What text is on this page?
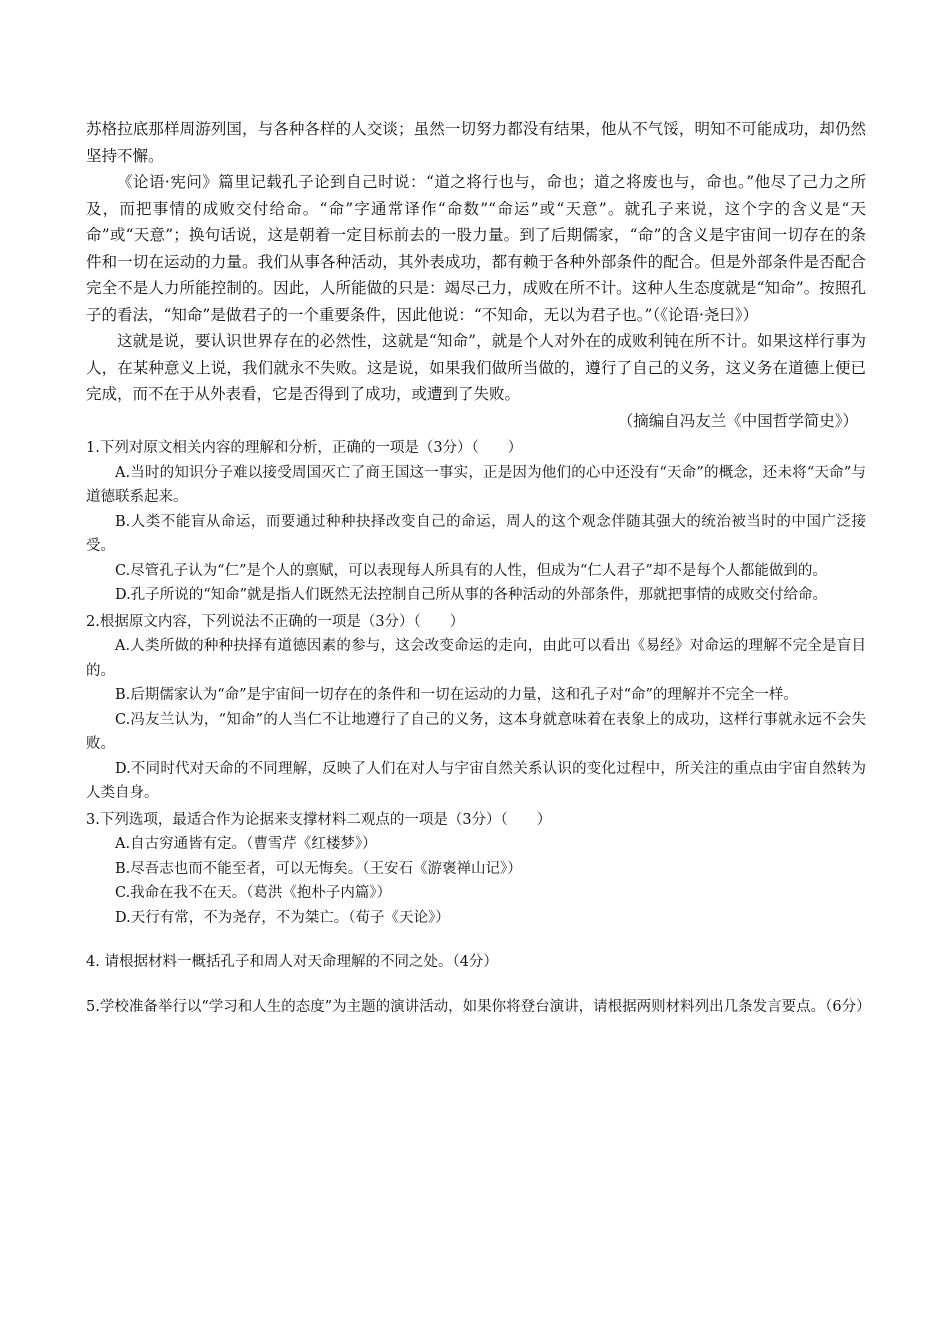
苏格拉底那样周游列国，与各种各样的人交谈；虽然一切努力都没有结果，他从不气馁，明知不可能成功，却仍然坚持不懈。

《论语·宪问》篇里记载孔子论到自己时说：“道之将行也与，命也；道之将废也与，命也。”他尽了己力之所及，而把事情的成败交付给命。“命”字通常译作“命数”“命运”或“天意”。就孔子来说，这个字的含义是“天命”或“天意”；换句话说，这是朝着一定目标前去的一股力量。到了后期儒家，“命”的含义是宇宙间一切存在的条件和一切在运动的力量。我们从事各种活动，其外表成功，都有赖于各种外部条件的配合。但是外部条件是否配合完全不是人力所能控制的。因此，人所能做的只是：竭尽己力，成败在所不计。这种人生态度就是“知命”。按照孔子的看法，“知命”是做君子的一个重要条件，因此他说：“不知命，无以为君子也。”（《论语·尧曰》）

这就是说，要认识世界存在的必然性，这就是“知命”，就是个人对外在的成败利钝在所不计。如果这样行事为人，在某种意义上说，我们就永不失败。这是说，如果我们做所当做的，遵行了自己的义务，这义务在道德上便已完成，而不在于从外表看，它是否得到了成功，或遭到了失败。

（摘编自冯友兰《中国哲学简史》）

1.下列对原文相关内容的理解和分析，正确的一项是（3分）（　　）

A.当时的知识分子难以接受周国灭亡了商王国这一事实，正是因为他们的心中还没有“天命”的概念，还未将“天命”与道德联系起来。

B.人类不能盲从命运，而要通过种种抉择改变自己的命运，周人的这个观念伴随其强大的统治被当时的中国广泛接受。

C.尽管孔子认为“仁”是个人的禀赋，可以表现每人所具有的人性，但成为“仁人君子”却不是每个人都能做到的。

D.孔子所说的“知命”就是指人们既然无法控制自己所从事的各种活动的外部条件，那就把事情的成败交付给命。

2.根据原文内容，下列说法不正确的一项是（3分）（　　）

A.人类所做的种种抉择有道德因素的参与，这会改变命运的走向，由此可以看出《易经》对命运的理解不完全是盲目的。

B.后期儒家认为“命”是宇宙间一切存在的条件和一切在运动的力量，这和孔子对“命”的理解并不完全一样。

C.冯友兰认为，“知命”的人当仁不让地遵行了自己的义务，这本身就意味着在表象上的成功，这样行事就永远不会失败。

D.不同时代对天命的不同理解，反映了人们在对人与宇宙自然关系认识的变化过程中，所关注的重点由宇宙自然转为人类自身。

3.下列选项，最适合作为论据来支撑材料二观点的一项是（3分）（　　）

A.自古穷通皆有定。（曹雪芹《红楼梦》）

B.尽吾志也而不能至者，可以无悔矣。（王安石《游褒禅山记》）

C.我命在我不在天。（葛洪《抱朴子内篇》）

D.天行有常，不为尧存，不为桀亡。（荀子《天论》）

4. 请根据材料一概括孔子和周人对天命理解的不同之处。（4分）

5.学校准备举行以“学习和人生的态度”为主题的演讲活动，如果你将登台演讲，请根据两则材料列出几条发言要点。（6分）
